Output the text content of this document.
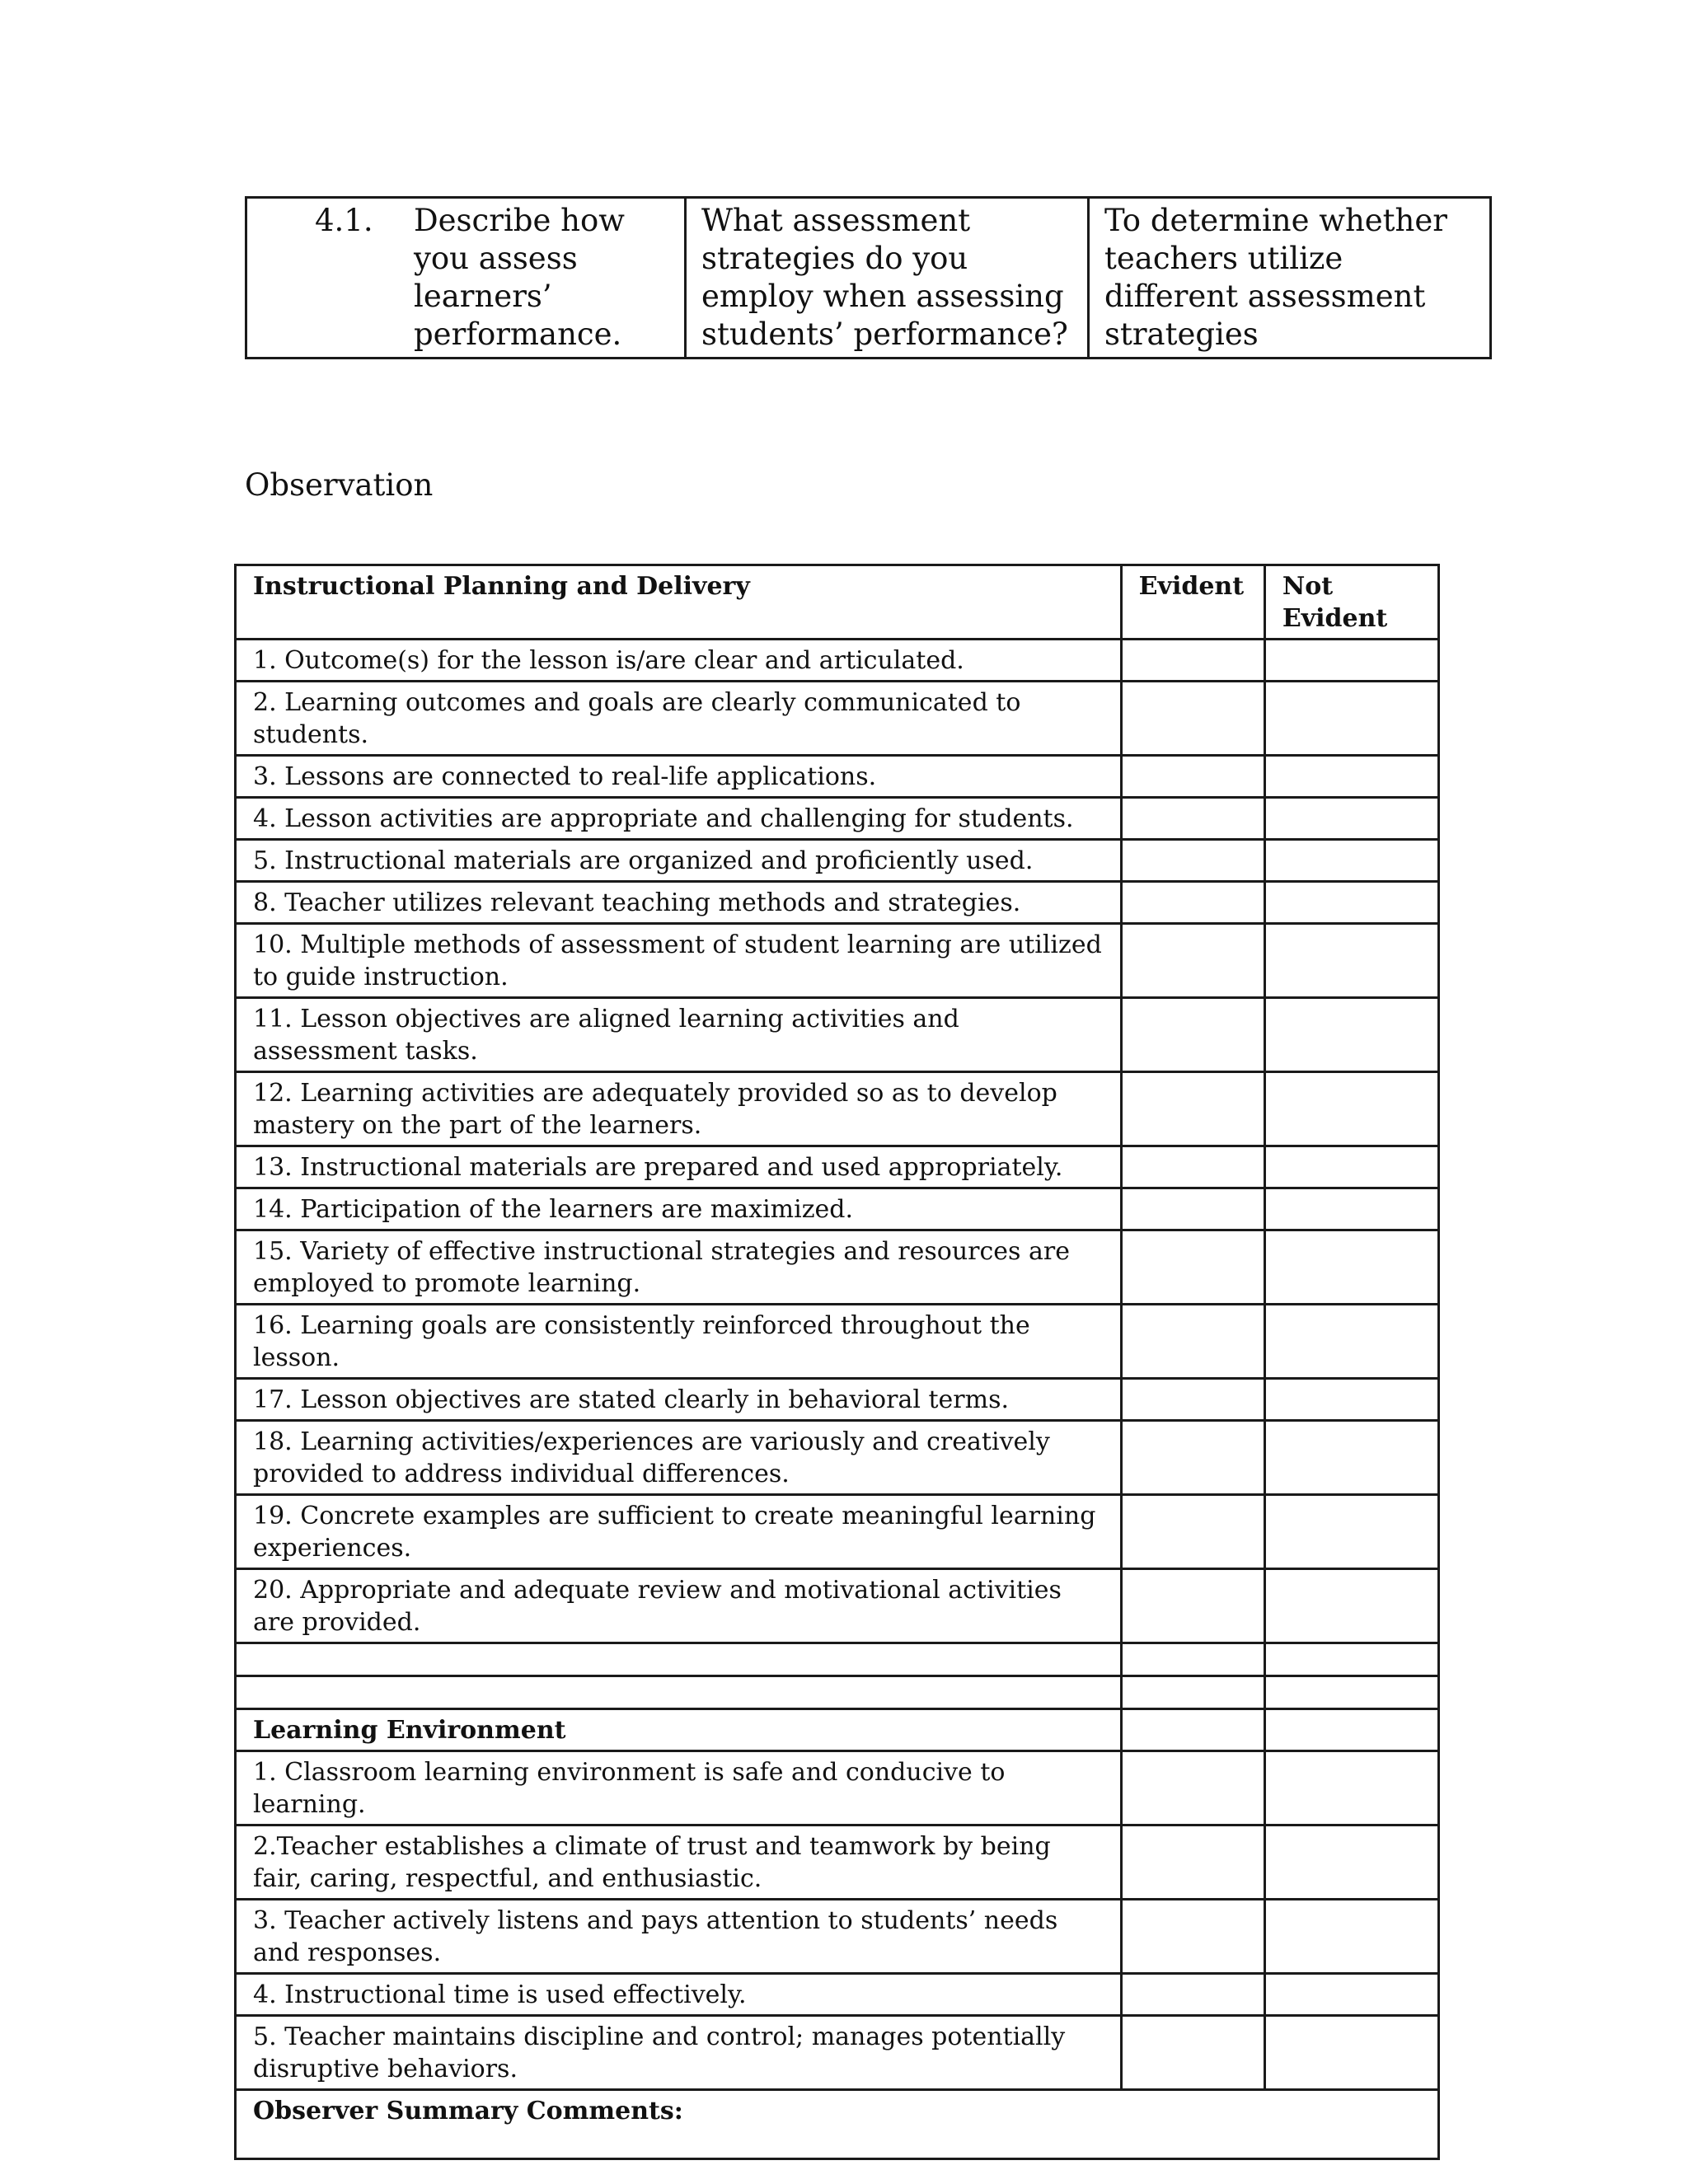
4.1. Describe how you assess learners’ performance.	What assessment strategies do you employ when assessing students’ performance?	To determine whether teachers utilize different assessment strategies
Observation
Instructional Planning and Delivery	Evident	Not Evident
1. Outcome(s) for the lesson is/are clear and articulated.		
2. Learning outcomes and goals are clearly communicated to students.		
3. Lessons are connected to real-life applications.		
4. Lesson activities are appropriate and challenging for students.		
5. Instructional materials are organized and proficiently used.		
8. Teacher utilizes relevant teaching methods and strategies.		
10. Multiple methods of assessment of student learning are utilized to guide instruction.		
11. Lesson objectives are aligned learning activities and assessment tasks.		
12. Learning activities are adequately provided so as to develop mastery on the part of the learners.		
13. Instructional materials are prepared and used appropriately.		
14. Participation of the learners are maximized.		
15. Variety of effective instructional strategies and resources are employed to promote learning.		
16. Learning goals are consistently reinforced throughout the lesson.		
17. Lesson objectives are stated clearly in behavioral terms.		
18. Learning activities/experiences are variously and creatively provided to address individual differences.		
19. Concrete examples are sufficient to create meaningful learning experiences.		
20. Appropriate and adequate review and motivational activities are provided.		

Learning Environment		
1. Classroom learning environment is safe and conducive to learning.		
2.Teacher establishes a climate of trust and teamwork by being fair, caring, respectful, and enthusiastic.		
3. Teacher actively listens and pays attention to students’ needs and responses.		
4. Instructional time is used effectively.		
5. Teacher maintains discipline and control; manages potentially disruptive behaviors.		
Observer Summary Comments:		
